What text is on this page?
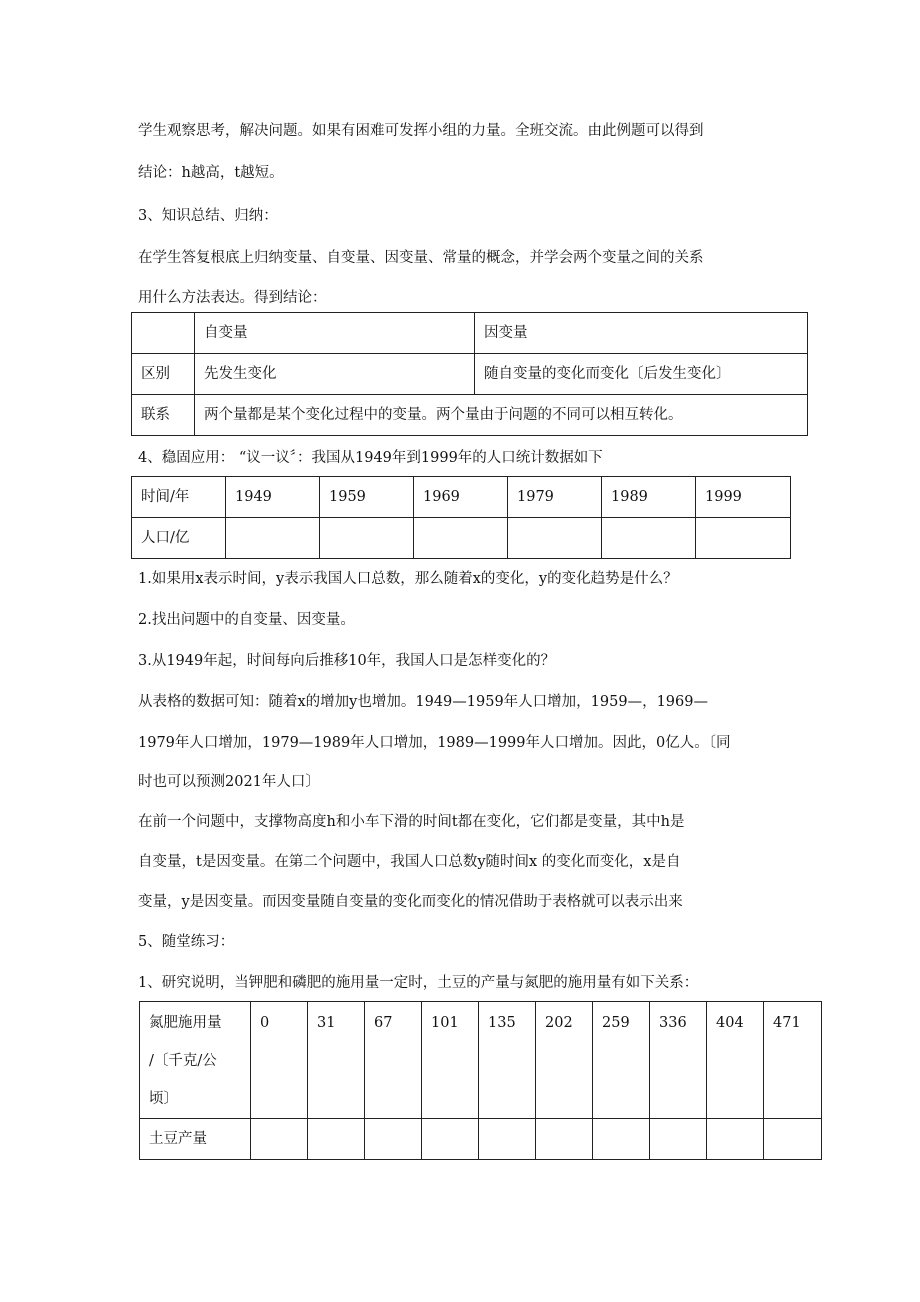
学生观察思考，解决问题。如果有困难可发挥小组的力量。全班交流。由此例题可以得到
结论：h越高，t越短。
3、知识总结、归纳：
在学生答复根底上归纳变量、自变量、因变量、常量的概念，并学会两个变量之间的关系
用什么方法表达。得到结论：
	自变量	因变量
区别	先发生变化	随自变量的变化而变化〔后发生变化〕
联系	两个量都是某个变化过程中的变量。两个量由于问题的不同可以相互转化。	
4、稳固应用： “议一议〞：我国从1949年到1999年的人口统计数据如下
时间/年	1949	1959	1969	1979	1989	1999
人口/亿						
1.如果用x表示时间，y表示我国人口总数，那么随着x的变化，y的变化趋势是什么？
2.找出问题中的自变量、因变量。
3.从1949年起，时间每向后推移10年，我国人口是怎样变化的？
从表格的数据可知：随着x的增加y也增加。1949—1959年人口增加，1959—，1969—
1979年人口增加，1979—1989年人口增加，1989—1999年人口增加。因此，0亿人。〔同
时也可以预测2021年人口〕
在前一个问题中，支撑物高度h和小车下滑的时间t都在变化，它们都是变量，其中h是
自变量，t是因变量。在第二个问题中，我国人口总数y随时间x 的变化而变化，x是自
变量，y是因变量。而因变量随自变量的变化而变化的情况借助于表格就可以表示出来
5、随堂练习：
1、研究说明，当钾肥和磷肥的施用量一定时，土豆的产量与氮肥的施用量有如下关系：
氮肥施用量
/〔千克/公
顷〕	0	31	67	101	135	202	259	336	404	471
土豆产量										
